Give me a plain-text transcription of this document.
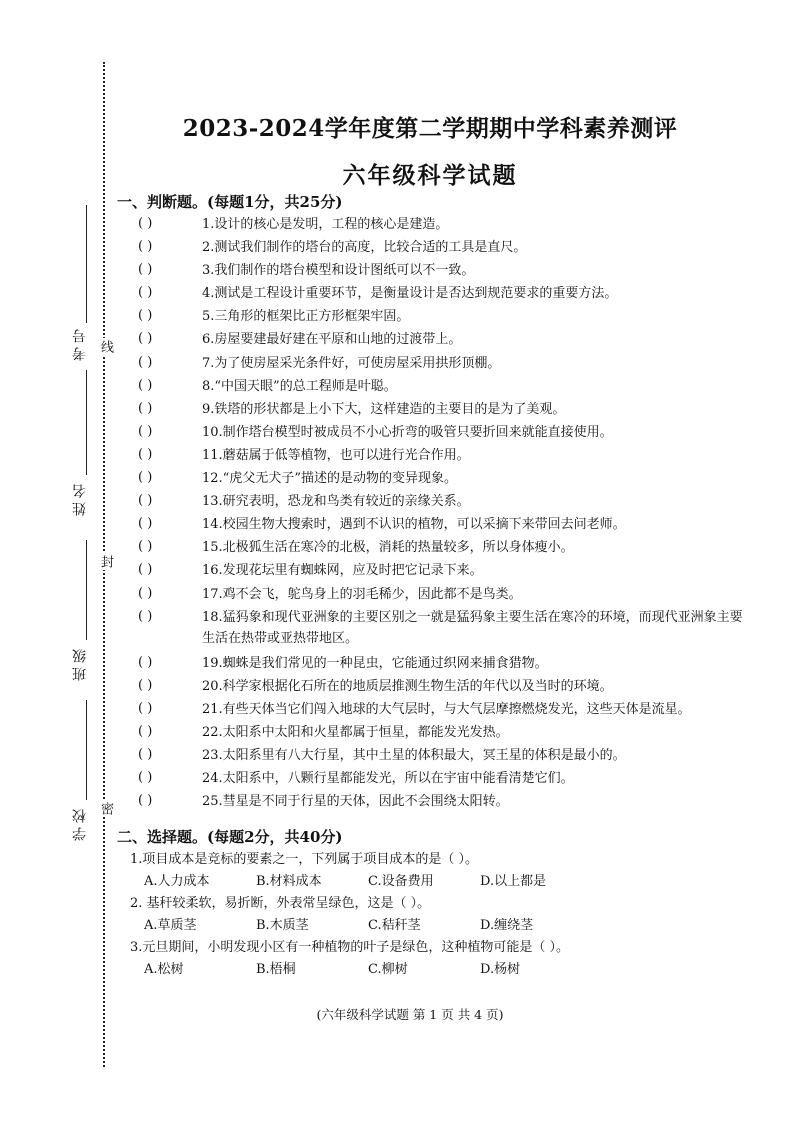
考号
姓名
班级
学校
线
封
密
2023-2024学年度第二学期期中学科素养测评
六年级科学试题
一、判断题。(每题1分，共25分)
( )	1.设计的核心是发明，工程的核心是建造。
( )	2.测试我们制作的塔台的高度，比较合适的工具是直尺。
( )	3.我们制作的塔台模型和设计图纸可以不一致。
( )	4.测试是工程设计重要环节，是衡量设计是否达到规范要求的重要方法。
( )	5.三角形的框架比正方形框架牢固。
( )	6.房屋要建最好建在平原和山地的过渡带上。
( )	7.为了使房屋采光条件好，可使房屋采用拱形顶棚。
( )	8.“中国天眼”的总工程师是叶聪。
( )	9.铁塔的形状都是上小下大，这样建造的主要目的是为了美观。
( )	10.制作塔台模型时被成员不小心折弯的吸管只要折回来就能直接使用。
( )	11.蘑菇属于低等植物，也可以进行光合作用。
( )	12.“虎父无犬子”描述的是动物的变异现象。
( )	13.研究表明，恐龙和鸟类有较近的亲缘关系。
( )	14.校园生物大搜索时，遇到不认识的植物，可以采摘下来带回去问老师。
( )	15.北极狐生活在寒冷的北极，消耗的热量较多，所以身体瘦小。
( )	16.发现花坛里有蜘蛛网，应及时把它记录下来。
( )	17.鸡不会飞，鸵鸟身上的羽毛稀少，因此都不是鸟类。
( )	18.猛犸象和现代亚洲象的主要区别之一就是猛犸象主要生活在寒冷的环境，而现代亚洲象主要生活在热带或亚热带地区。
( )	19.蜘蛛是我们常见的一种昆虫，它能通过织网来捕食猎物。
( )	20.科学家根据化石所在的地质层推测生物生活的年代以及当时的环境。
( )	21.有些天体当它们闯入地球的大气层时，与大气层摩擦燃烧发光，这些天体是流星。
( )	22.太阳系中太阳和火星都属于恒星，都能发光发热。
( )	23.太阳系里有八大行星，其中土星的体积最大，冥王星的体积是最小的。
( )	24.太阳系中，八颗行星都能发光，所以在宇宙中能看清楚它们。
( )	25.彗星是不同于行星的天体，因此不会围绕太阳转。
二、选择题。(每题2分，共40分)
1.项目成本是竞标的要素之一，下列属于项目成本的是（ ）。
A.人力成本	B.材料成本	C.设备费用	D.以上都是
2. 基秆较柔软，易折断，外表常呈绿色，这是（ ）。
A.草质茎	B.木质茎	C.秸秆茎	D.缠绕茎
3.元旦期间，小明发现小区有一种植物的叶子是绿色，这种植物可能是（ ）。
A.松树	B.梧桐	C.柳树	D.杨树
(六年级科学试题 第 1 页 共 4 页)
